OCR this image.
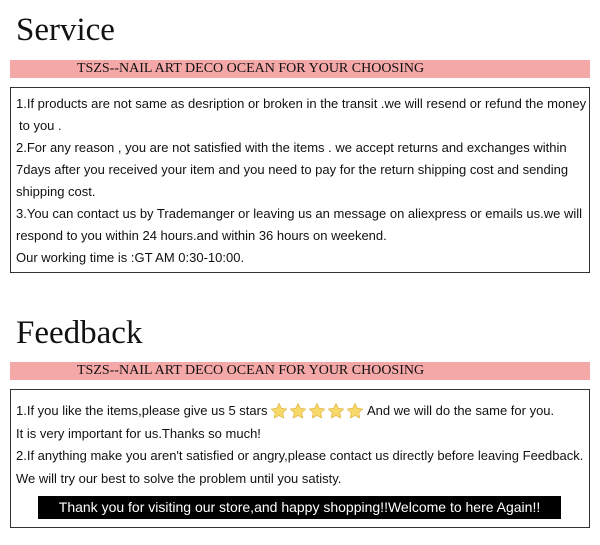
Service
TSZS--NAIL ART DECO OCEAN FOR YOUR CHOOSING
1.If products are not same as desription or broken in the transit .we will resend or refund the money
to you .
2.For any reason , you are not satisfied with the items . we accept returns and exchanges within
7days after you received your item and you need to pay for the return shipping cost and sending
shipping cost.
3.You can contact us by Trademanger or leaving us an message on aliexpress or emails us.we will
respond to you within 24 hours.and within 36 hours on weekend.
Our working time is :GT AM 0:30-10:00.
Feedback
TSZS--NAIL ART DECO OCEAN FOR YOUR CHOOSING
1.If you like the items,please give us 5 stars	And we will do the same for you.
It is very important for us.Thanks so much!
2.If anything make you aren't satisfied or angry,please contact us directly before leaving Feedback.
We will try our best to solve the problem until you satisty.
Thank you for visiting our store,and happy shopping!!Welcome to here Again!!
